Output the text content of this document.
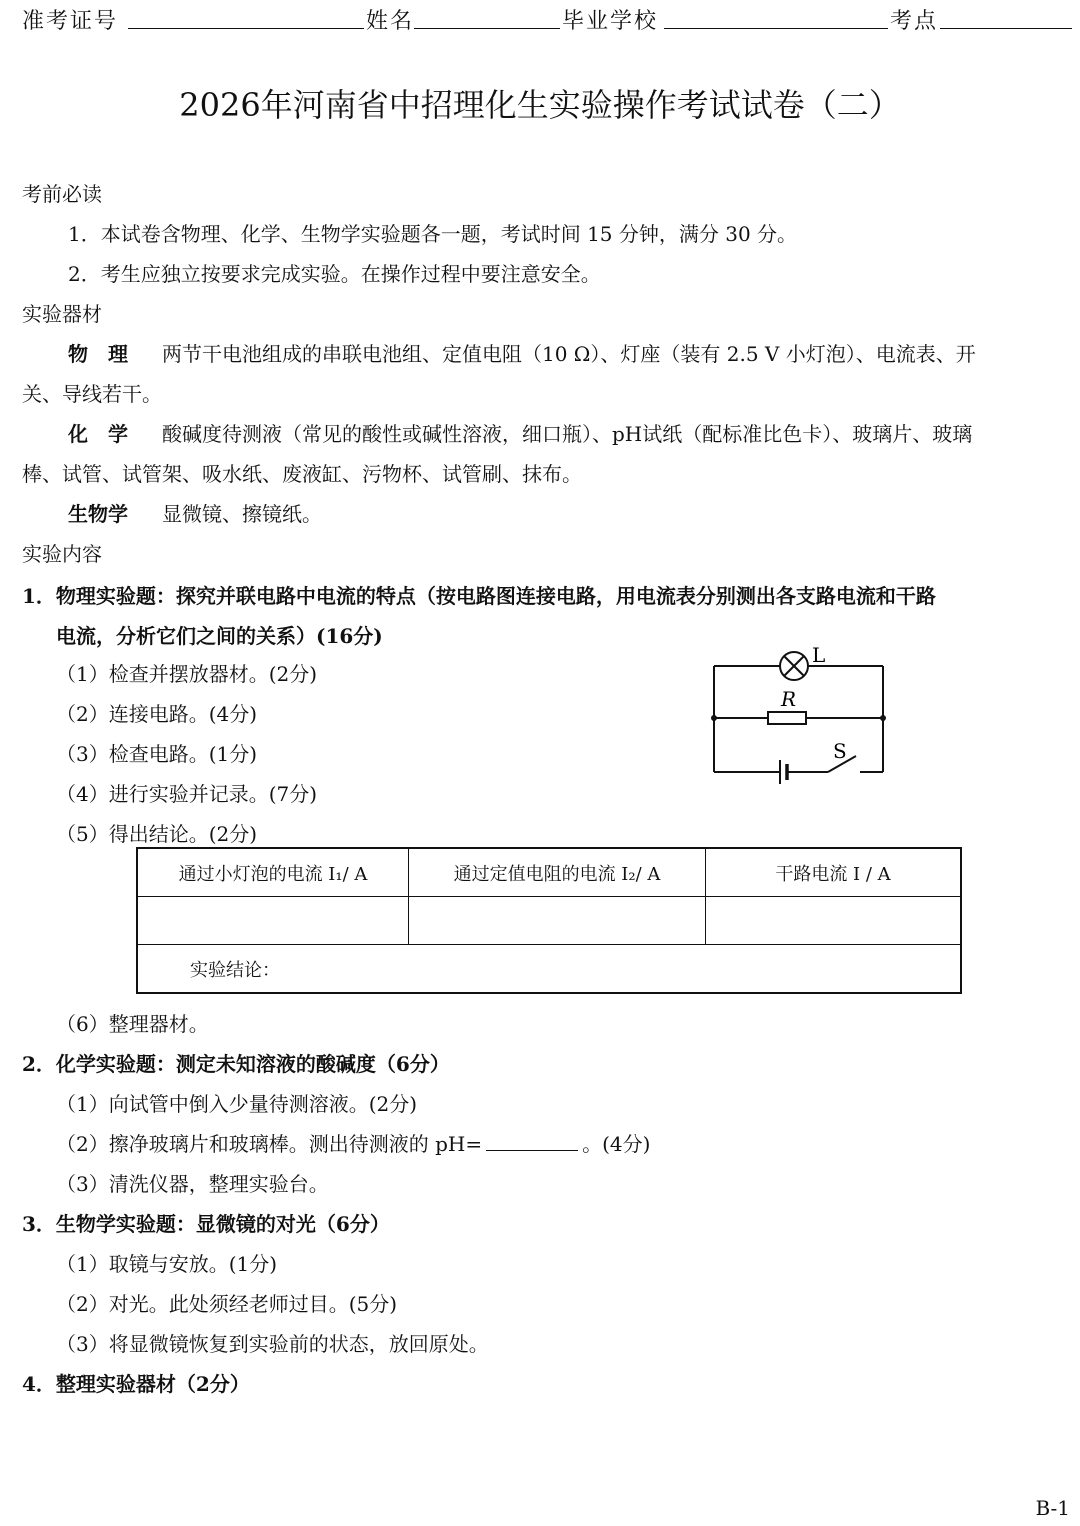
准考证号	姓名	毕业学校	考点
2026年河南省中招理化生实验操作考试试卷（二）
考前必读
1．本试卷含物理、化学、生物学实验题各一题，考试时间 15 分钟，满分 30 分。
2．考生应独立按要求完成实验。在操作过程中要注意安全。
实验器材
物　理 两节干电池组成的串联电池组、定值电阻（10 Ω）、灯座（装有 2.5 V 小灯泡）、电流表、开
关、导线若干。
化　学 酸碱度待测液（常见的酸性或碱性溶液，细口瓶）、pH试纸（配标准比色卡）、玻璃片、玻璃
棒、试管、试管架、吸水纸、废液缸、污物杯、试管刷、抹布。
生物学 显微镜、擦镜纸。
实验内容
1．物理实验题：探究并联电路中电流的特点（按电路图连接电路，用电流表分别测出各支路电流和干路
电流，分析它们之间的关系）(16分)
（1）检查并摆放器材。(2分)
（2）连接电路。(4分)
（3）检查电路。(1分)
（4）进行实验并记录。(7分)
（5）得出结论。(2分)
L
R
S
通过小灯泡的电流 I₁/ A	通过定值电阻的电流 I₂/ A	干路电流 I / A

实验结论：		
（6）整理器材。
2．化学实验题：测定未知溶液的酸碱度（6分）
（1）向试管中倒入少量待测溶液。(2分)
（2）擦净玻璃片和玻璃棒。测出待测液的 pH=	。(4分)
（3）清洗仪器，整理实验台。
3．生物学实验题：显微镜的对光（6分）
（1）取镜与安放。(1分)
（2）对光。此处须经老师过目。(5分)
（3）将显微镜恢复到实验前的状态，放回原处。
4．整理实验器材（2分）
B-1
